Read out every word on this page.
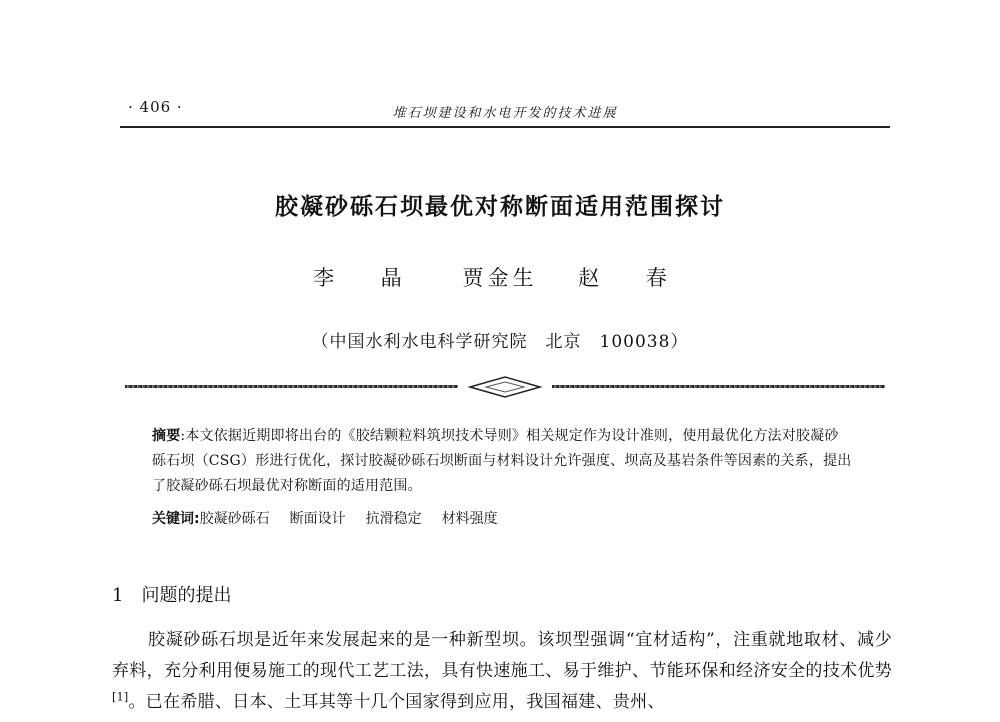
· 406 ·	堆石坝建设和水电开发的技术进展
胶凝砂砾石坝最优对称断面适用范围探讨
李 晶 贾金生 赵 春
（中国水利水电科学研究院　北京　100038）
摘要:本文依据近期即将出台的《胶结颗粒料筑坝技术导则》相关规定作为设计准则，使用最优化方法对胶凝砂砾石坝（CSG）形进行优化，探讨胶凝砂砾石坝断面与材料设计允许强度、坝高及基岩条件等因素的关系，提出了胶凝砂砾石坝最优对称断面的适用范围。
关键词:胶凝砂砾石 断面设计 抗滑稳定 材料强度
1 问题的提出
胶凝砂砾石坝是近年来发展起来的是一种新型坝。该坝型强调“宜材适构”，注重就地取材、减少弃料，充分利用便易施工的现代工艺工法，具有快速施工、易于维护、节能环保和经济安全的技术优势[1]。已在希腊、日本、土耳其等十几个国家得到应用，我国福建、贵州、
